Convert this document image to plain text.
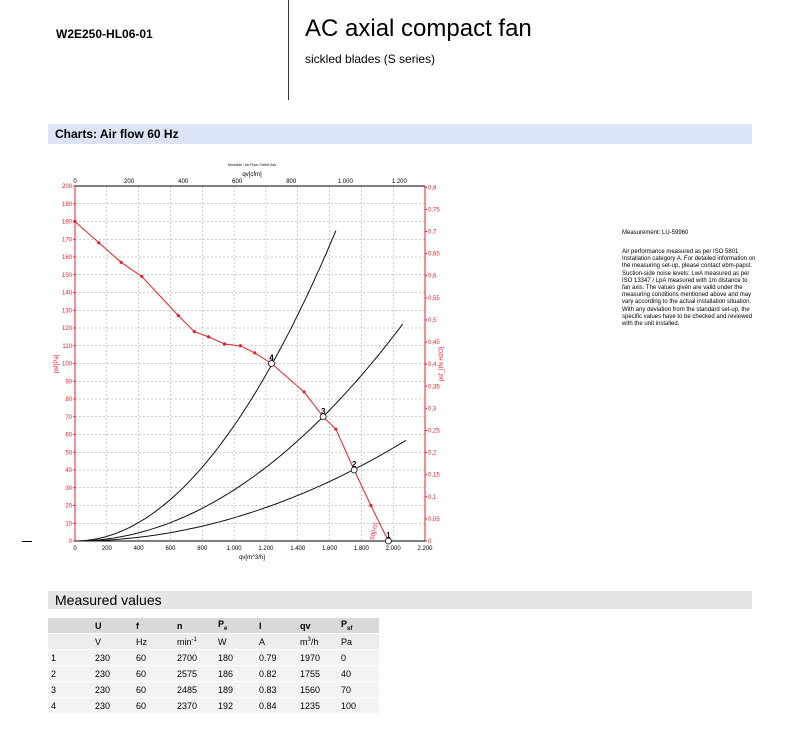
W2E250-HL06-01	AC axial compact fan
sickled blades (S series)
Charts: Air flow 60 Hz
1
2
3
4
0
10
20
30
40
50
60
70
80
90
100
110
120
130
140
150
160
170
180
190
200
0
0,05
0,1
0,15
0,2
0,25
0,3
0,35
0,4
0,45
0,5
0,55
0,6
0,65
0,7
0,75
0,8
0	200	400	600	800	1.000	1.200	1.400	1.600	1.800	2.000	2.200
0	200	400	600	800	1.000	1.200
qv[m^3/h]
qv[cfm]
Kennlinie / Air Flow / Débit d'air
psf[Pa]	psf_[IN H2O]
50[Hz]
Measurement: LU-59960
Air performance measured as per ISO 5801 Installation category A. For detailed information on the measuring set-up, please contact ebm-papst. Suction-side noise levels: LwA measured as per ISO 13347 / LpA measured with 1m distance to fan axis. The values given are valid under the measuring conditions mentioned above and may vary according to the actual installation situation. With any deviation from the standard set-up, the specific values have to be checked and reviewed with the unit installed.
Measured values
	U	f	n	$P_e$	I	qv	$P_{sf}$
	V	Hz	$\min^{-1}$	W	A	$m^3/h$	Pa
1	230	60	2700	180	0.79	1970	0
2	230	60	2575	186	0.82	1755	40
3	230	60	2485	189	0.83	1560	70
4	230	60	2370	192	0.84	1235	100
